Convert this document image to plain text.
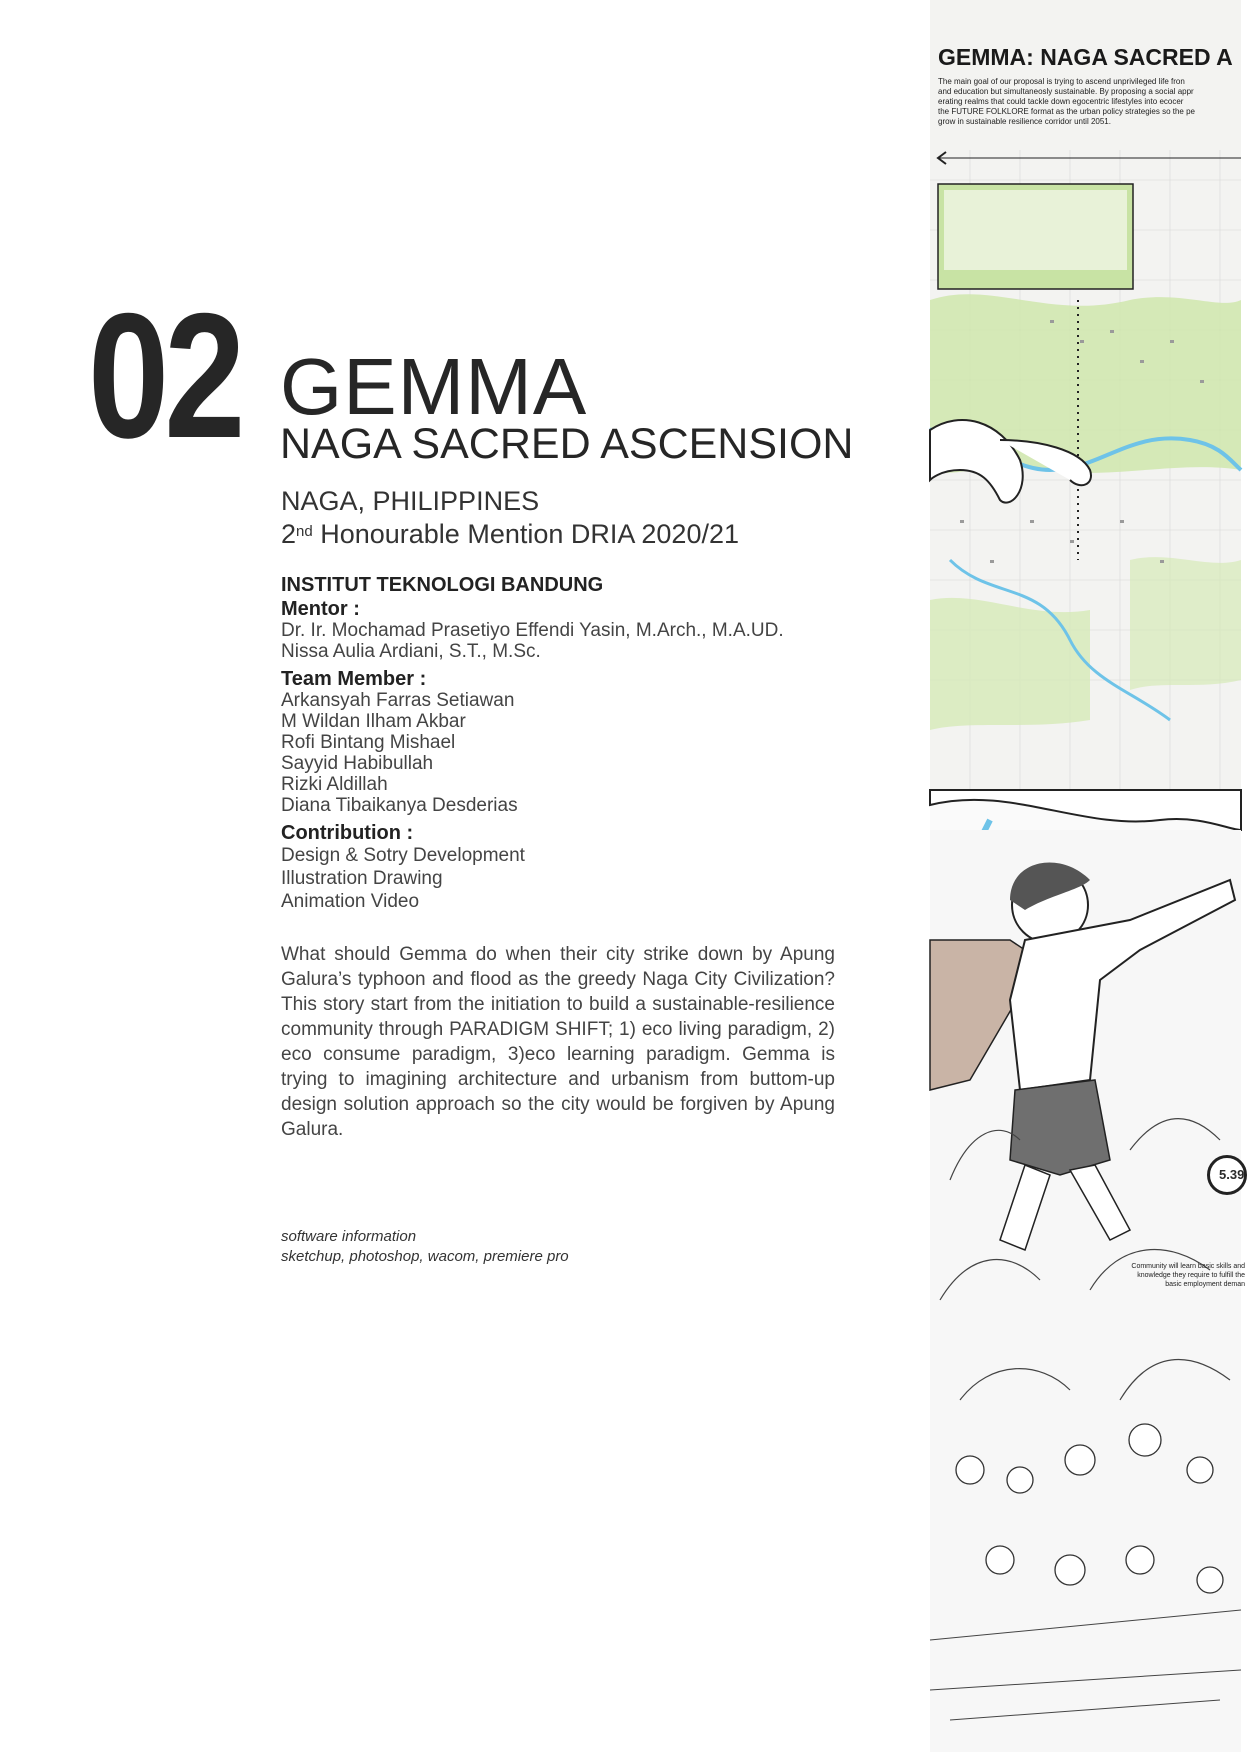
02 GEMMA
NAGA SACRED ASCENSION
NAGA, PHILIPPINES
2nd Honourable Mention DRIA 2020/21
INSTITUT TEKNOLOGI BANDUNG
Mentor :
Dr. Ir. Mochamad Prasetiyo Effendi Yasin, M.Arch., M.A.UD.
Nissa Aulia Ardiani, S.T., M.Sc.
Team Member :
Arkansyah Farras Setiawan
M Wildan Ilham Akbar
Rofi Bintang Mishael
Sayyid Habibullah
Rizki Aldillah
Diana Tibaikanya Desderias
Contribution :
Design & Sotry Development
Illustration Drawing
Animation Video
What should Gemma do when their city strike down by Apung Galura’s typhoon and flood as the greedy Naga City Civilization? This story start from the initiation to build a sustainable-resilience community through PARADIGM SHIFT; 1) eco living paradigm, 2) eco consume paradigm, 3)eco learning paradigm. Gemma is trying to imagining architecture and urbanism from buttom-up design solution approach so the city would be forgiven by Apung Galura.
software information
sketchup, photoshop, wacom, premiere pro
GEMMA: NAGA SACRED A
The main goal of our proposal is trying to ascend unprivileged life fron
and education but simultaneosly sustainable. By proposing a social appr
erating realms that could tackle down egocentric lifestyles into ecocer
the FUTURE FOLKLORE format as the urban policy strategies so the pe
grow in sustainable resilience corridor until 2051.
5.39
Community will learn basic skills and knowledge they require to fulfill the basic employment deman
